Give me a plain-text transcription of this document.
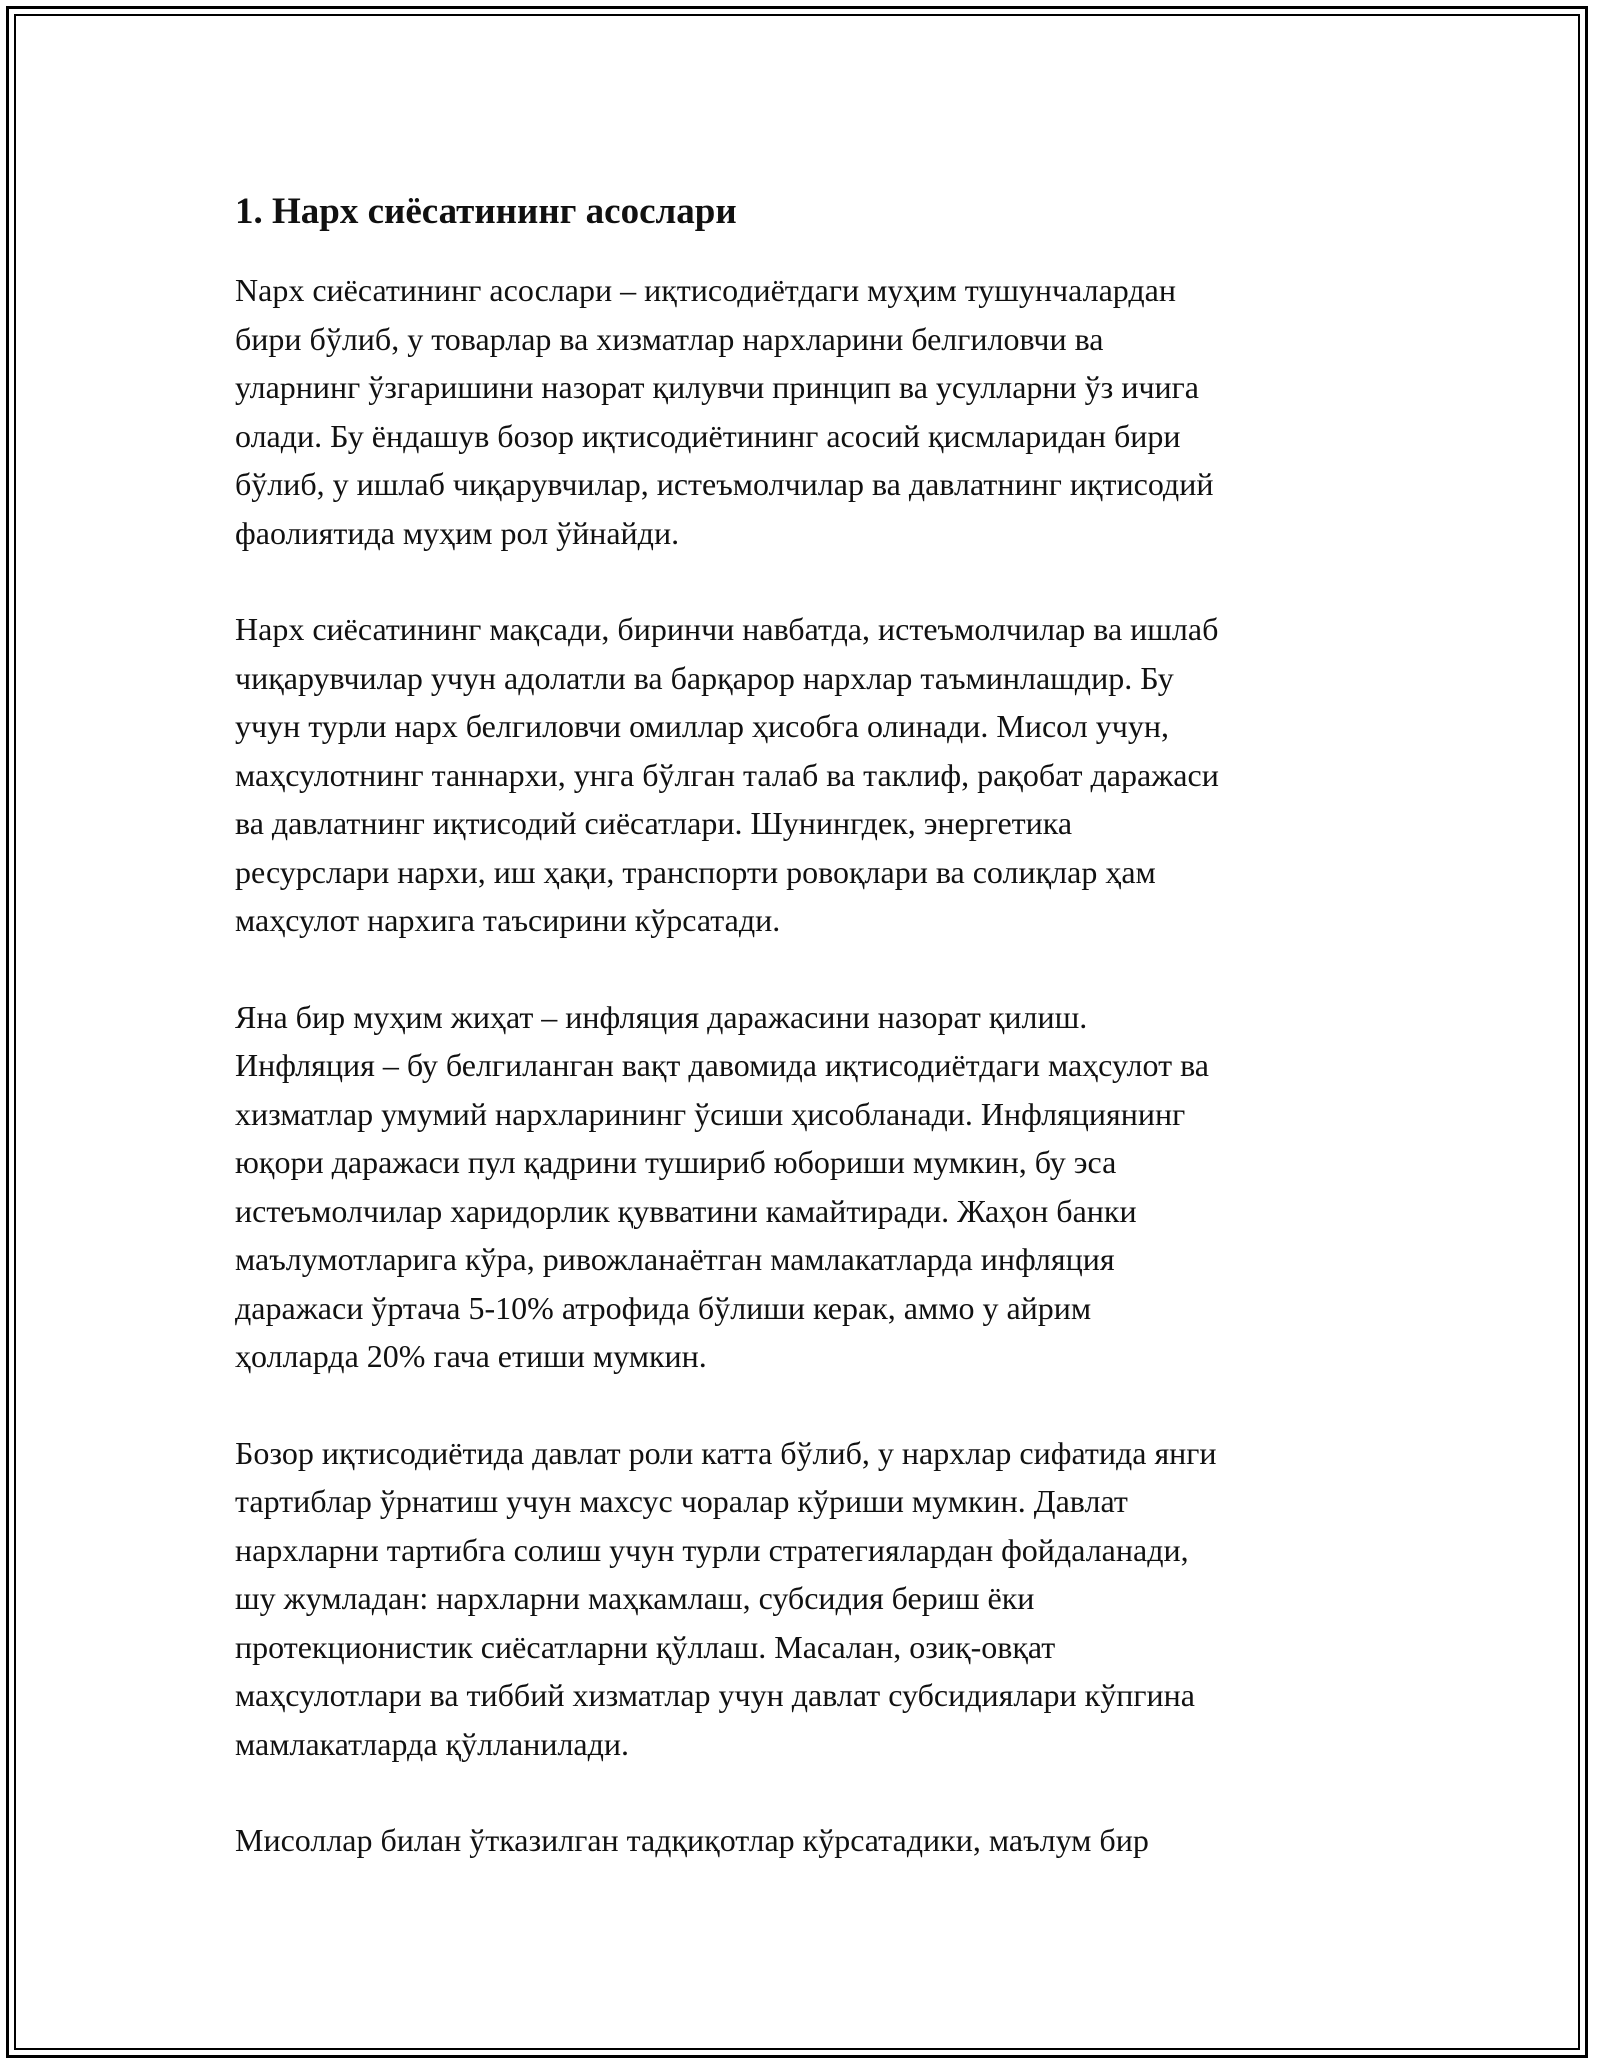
1. Нарх сиёсатининг асослари

Nарх сиёсатининг асослари – иқтисодиётдаги муҳим тушунчалардан
бири бўлиб, у товарлар ва хизматлар нархларини белгиловчи ва
уларнинг ўзгаришини назорат қилувчи принцип ва усулларни ўз ичига
олади. Бу ёндашув бозор иқтисодиётининг асосий қисмларидан бири
бўлиб, у ишлаб чиқарувчилар, истеъмолчилар ва давлатнинг иқтисодий
фаолиятида муҳим рол ўйнайди.

Нарх сиёсатининг мақсади, биринчи навбатда, истеъмолчилар ва ишлаб
чиқарувчилар учун адолатли ва барқарор нархлар таъминлашдир. Бу
учун турли нарх белгиловчи омиллар ҳисобга олинади. Мисол учун,
маҳсулотнинг таннархи, унга бўлган талаб ва таклиф, рақобат даражаси
ва давлатнинг иқтисодий сиёсатлари. Шунингдек, энергетика
ресурслари нархи, иш ҳақи, транспорти ровоқлари ва солиқлар ҳам
маҳсулот нархига таъсирини кўрсатади.

Яна бир муҳим жиҳат – инфляция даражасини назорат қилиш.
Инфляция – бу белгиланган вақт давомида иқтисодиётдаги маҳсулот ва
хизматлар умумий нархларининг ўсиши ҳисобланади. Инфляциянинг
юқори даражаси пул қадрини тушириб юбориши мумкин, бу эса
истеъмолчилар харидорлик қувватини камайтиради. Жаҳон банки
маълумотларига кўра, ривожланаётган мамлакатларда инфляция
даражаси ўртача 5-10% атрофида бўлиши керак, аммо у айрим
ҳолларда 20% гача етиши мумкин.

Бозор иқтисодиётида давлат роли катта бўлиб, у нархлар сифатида янги
тартиблар ўрнатиш учун махсус чоралар кўриши мумкин. Давлат
нархларни тартибга солиш учун турли стратегиялардан фойдаланади,
шу жумладан: нархларни маҳкамлаш, субсидия бериш ёки
протекционистик сиёсатларни қўллаш. Масалан, озиқ-овқат
маҳсулотлари ва тиббий хизматлар учун давлат субсидиялари кўпгина
мамлакатларда қўлланилади.

Мисоллар билан ўтказилган тадқиқотлар кўрсатадики, маълум бир
